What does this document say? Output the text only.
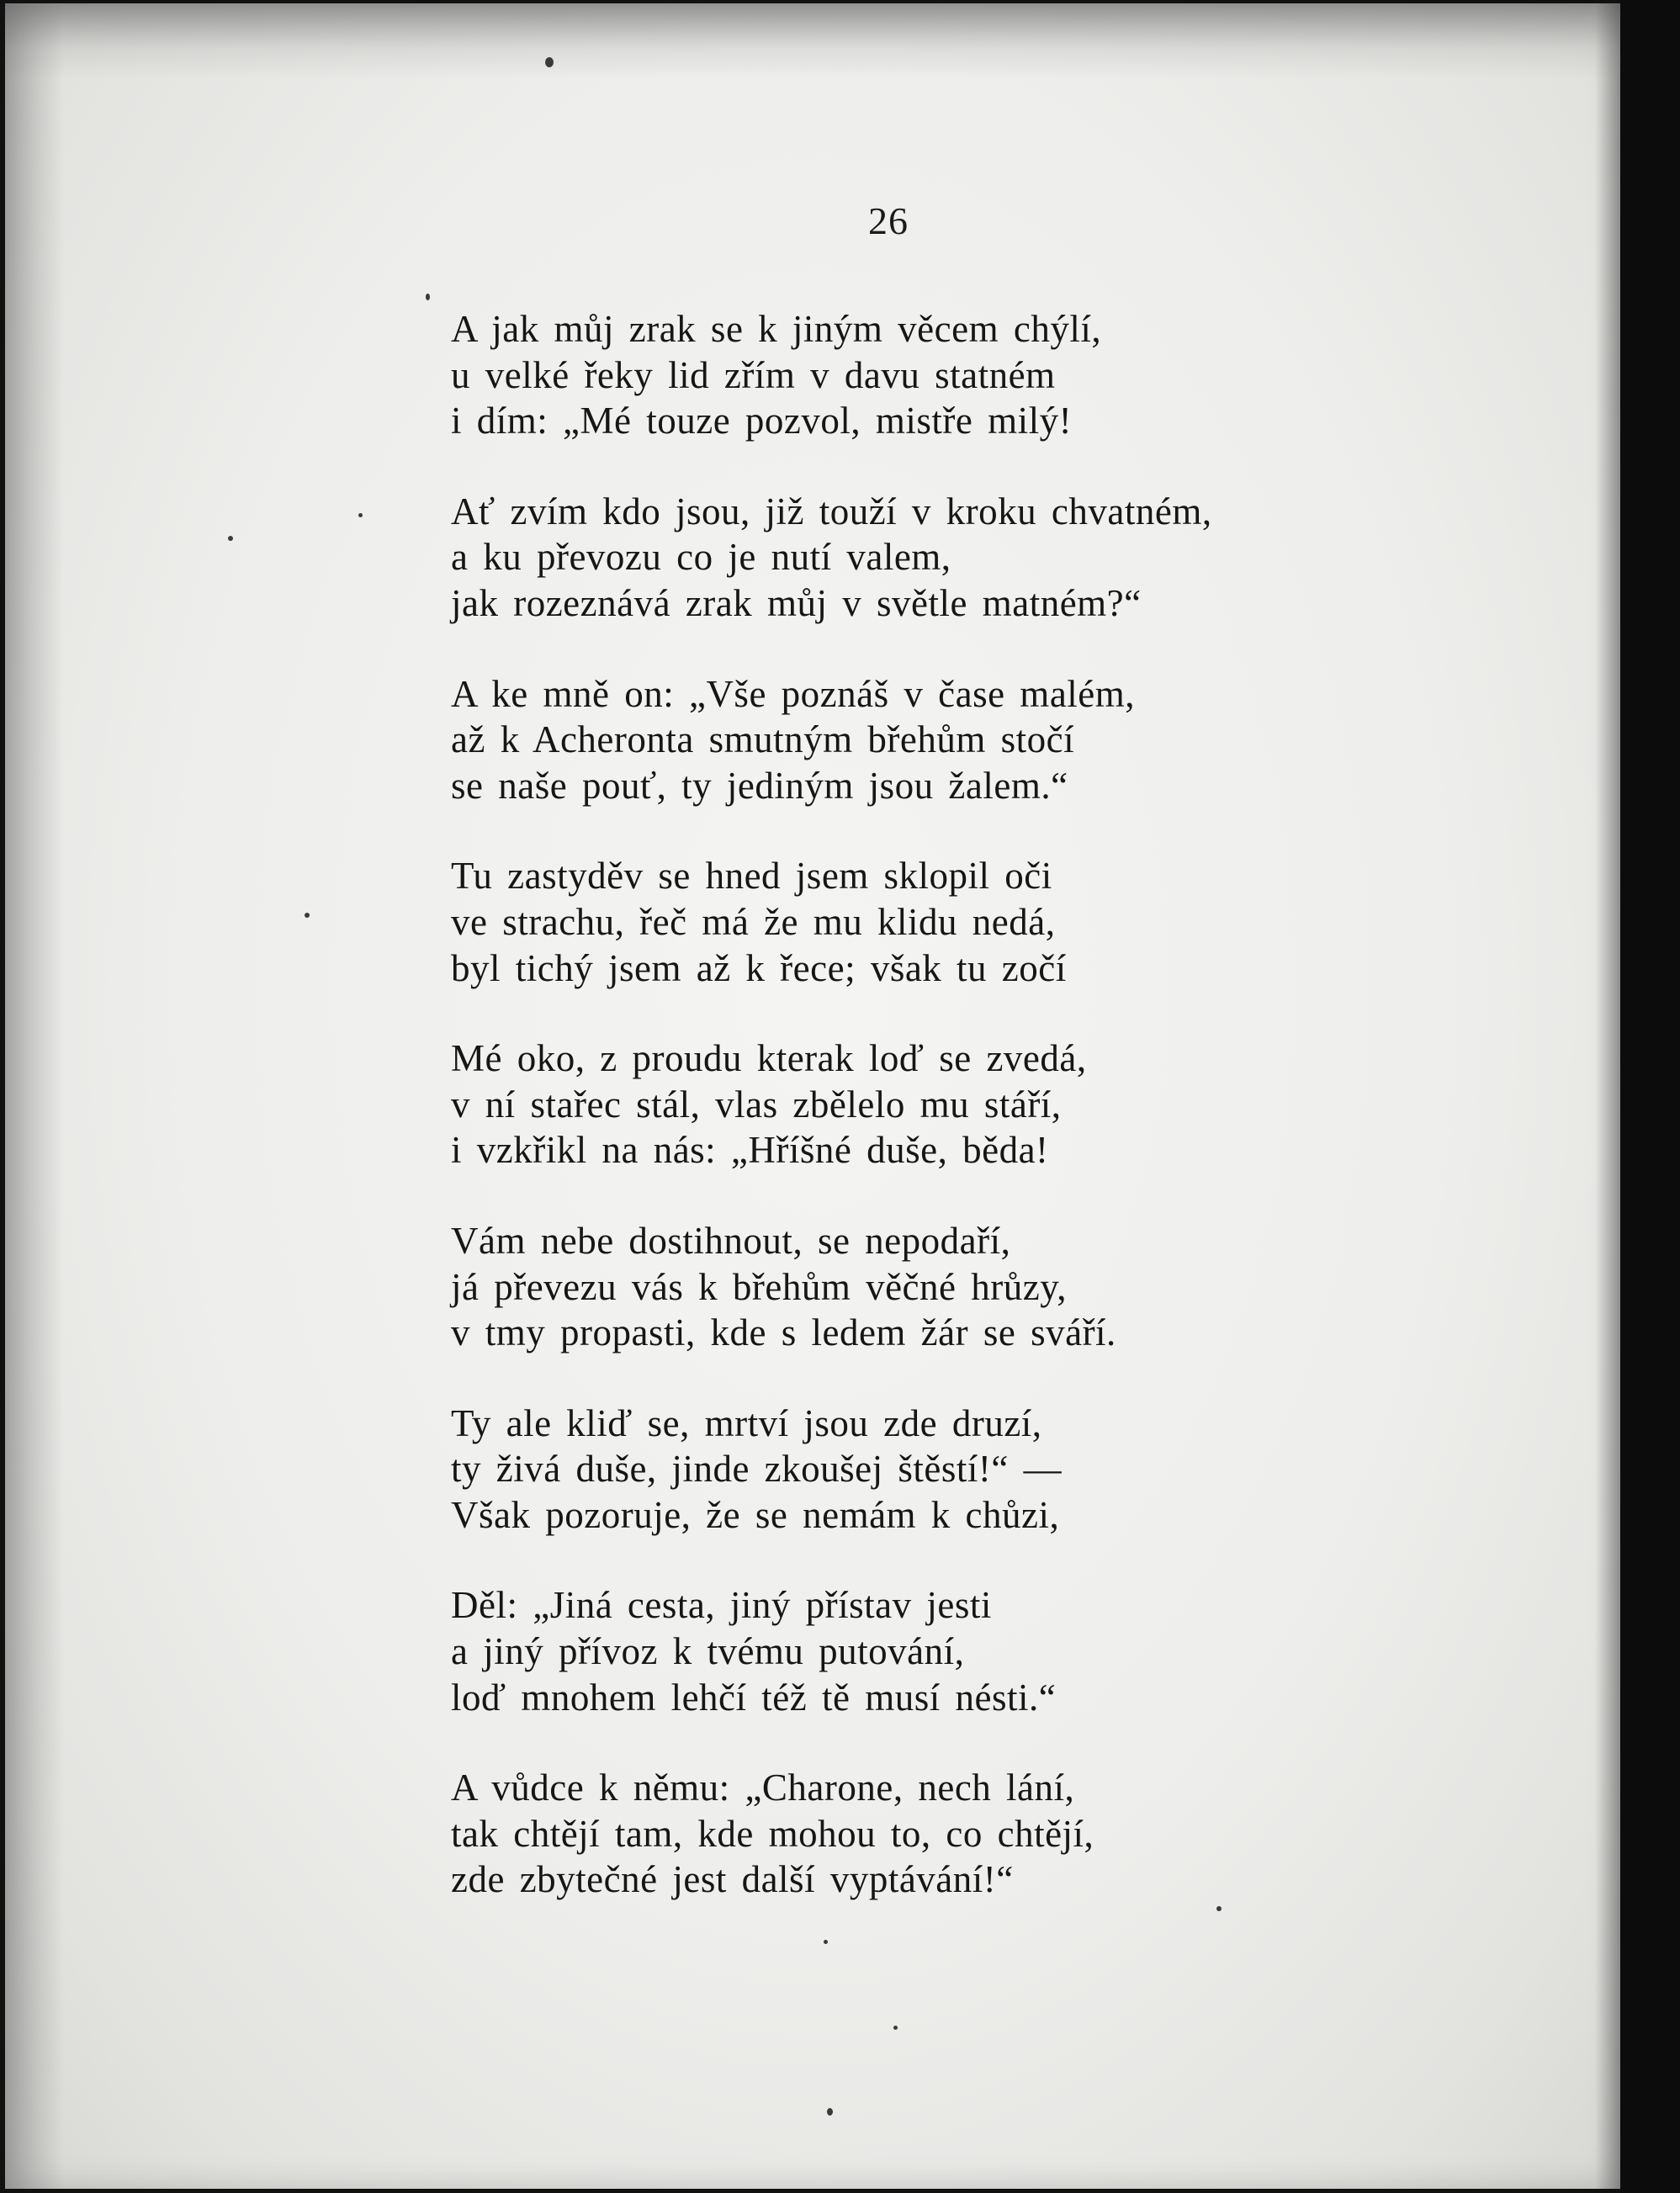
26
A jak můj zrak se k jiným věcem chýlí,
u velké řeky lid zřím v davu statném
i dím: „Mé touze pozvol, mistře milý!
Ať zvím kdo jsou, již touží v kroku chvatném,
a ku převozu co je nutí valem,
jak rozeznává zrak můj v světle matném?“
A ke mně on: „Vše poznáš v čase malém,
až k Acheronta smutným břehům stočí
se naše pouť, ty jediným jsou žalem.“
Tu zastyděv se hned jsem sklopil oči
ve strachu, řeč má že mu klidu nedá,
byl tichý jsem až k řece; však tu zočí
Mé oko, z proudu kterak loď se zvedá,
v ní stařec stál, vlas zbělelo mu stáří,
i vzkřikl na nás: „Hříšné duše, běda!
Vám nebe dostihnout, se nepodaří,
já převezu vás k břehům věčné hrůzy,
v tmy propasti, kde s ledem žár se sváří.
Ty ale kliď se, mrtví jsou zde druzí,
ty živá duše, jinde zkoušej štěstí!“ —
Však pozoruje, že se nemám k chůzi,
Děl: „Jiná cesta, jiný přístav jesti
a jiný přívoz k tvému putování,
loď mnohem lehčí též tě musí nésti.“
A vůdce k němu: „Charone, nech lání,
tak chtějí tam, kde mohou to, co chtějí,
zde zbytečné jest další vyptávání!“
